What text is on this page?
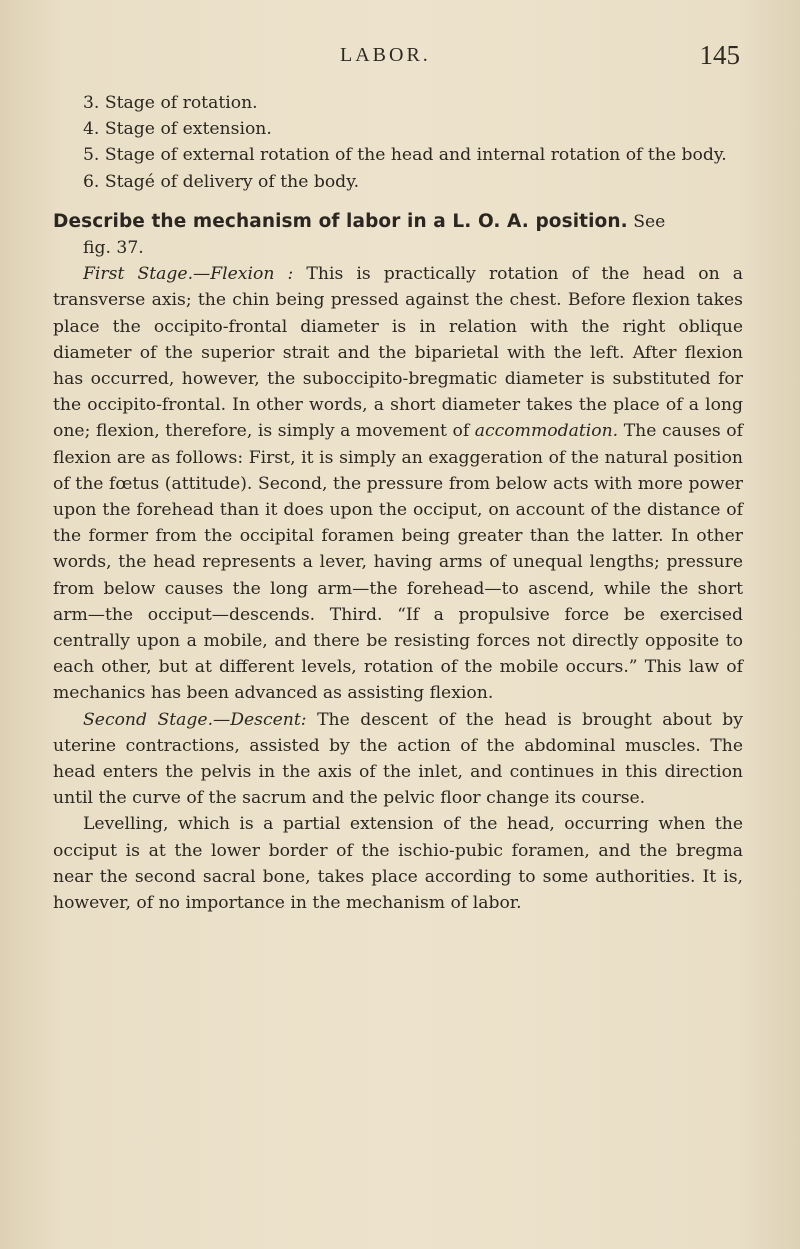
LABOR.	145

3. Stage of rotation.

4. Stage of extension.

5. Stage of external rotation of the head and internal rotation of the body.

6. Stagé of delivery of the body.

Describe the mechanism of labor in a L. O. A. position. See
fig. 37.

First Stage.—Flexion : This is practically rotation of the head on a transverse axis; the chin being pressed against the chest. Before flexion takes place the occipito-frontal diameter is in relation with the right oblique diameter of the superior strait and the biparietal with the left. After flexion has occurred, however, the suboccipito-bregmatic diameter is substituted for the occipito-frontal. In other words, a short diameter takes the place of a long one; flexion, therefore, is simply a movement of accommodation. The causes of flexion are as follows: First, it is simply an exaggeration of the natural position of the fœtus (attitude). Second, the pressure from below acts with more power upon the forehead than it does upon the occiput, on account of the distance of the former from the occipital foramen being greater than the latter. In other words, the head represents a lever, having arms of unequal lengths; pressure from below causes the long arm—the forehead—to ascend, while the short arm—the occiput—descends. Third. “If a propulsive force be exercised centrally upon a mobile, and there be resisting forces not directly opposite to each other, but at different levels, rotation of the mobile occurs.” This law of mechanics has been advanced as assisting flexion.

Second Stage.—Descent: The descent of the head is brought about by uterine contractions, assisted by the action of the abdominal muscles. The head enters the pelvis in the axis of the inlet, and continues in this direction until the curve of the sacrum and the pelvic floor change its course.

Levelling, which is a partial extension of the head, occurring when the occiput is at the lower border of the ischio-pubic foramen, and the bregma near the second sacral bone, takes place according to some authorities. It is, however, of no importance in the mechanism of labor.
